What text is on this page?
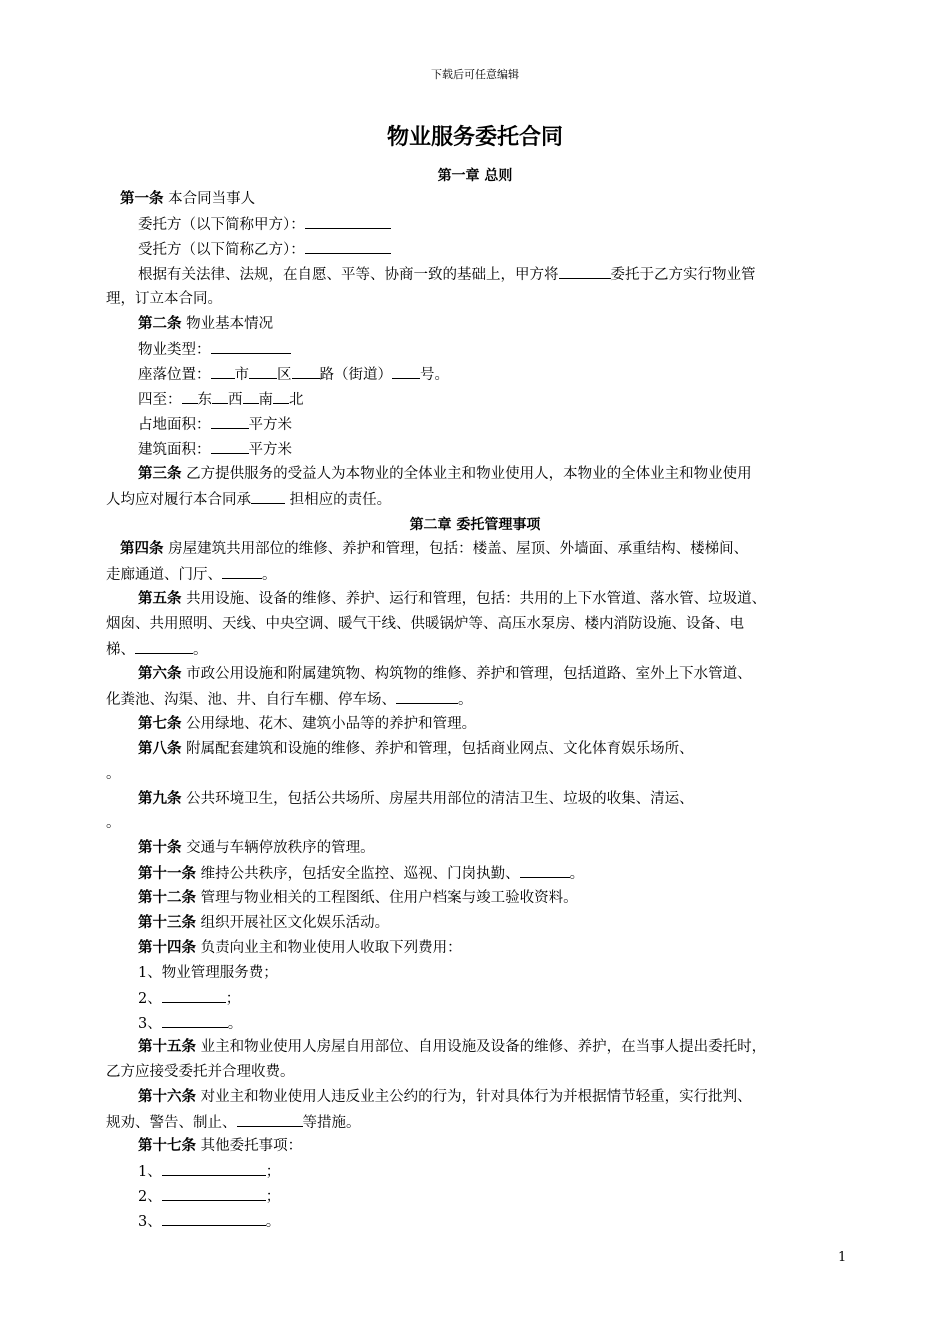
下载后可任意编辑
物业服务委托合同
第一章 总则
第一条 本合同当事人
委托方（以下简称甲方）：
受托方（以下简称乙方）：
根据有关法律、法规，在自愿、平等、协商一致的基础上，甲方将	委托于乙方实行物业管
理，订立本合同。
第二条 物业基本情况
物业类型：
座落位置： 市 区 路（街道） 号。
四至： 东 西 南 北
占地面积：	平方米
建筑面积：	平方米
第三条 乙方提供服务的受益人为本物业的全体业主和物业使用人，本物业的全体业主和物业使用
人均应对履行本合同承 担相应的责任。
第二章 委托管理事项
第四条 房屋建筑共用部位的维修、养护和管理，包括：楼盖、屋顶、外墙面、承重结构、楼梯间、
走廊通道、门厅、	。
第五条 共用设施、设备的维修、养护、运行和管理，包括：共用的上下水管道、落水管、垃圾道、
烟囱、共用照明、天线、中央空调、暖气干线、供暖锅炉等、高压水泵房、楼内消防设施、设备、电
梯、	。
第六条 市政公用设施和附属建筑物、构筑物的维修、养护和管理，包括道路、室外上下水管道、
化粪池、沟渠、池、井、自行车棚、停车场、	。
第七条 公用绿地、花木、建筑小品等的养护和管理。
第八条 附属配套建筑和设施的维修、养护和管理，包括商业网点、文化体育娱乐场所、
。
第九条 公共环境卫生，包括公共场所、房屋共用部位的清洁卫生、垃圾的收集、清运、
。
第十条 交通与车辆停放秩序的管理。
第十一条 维持公共秩序，包括安全监控、巡视、门岗执勤、	。
第十二条 管理与物业相关的工程图纸、住用户档案与竣工验收资料。
第十三条 组织开展社区文化娱乐活动。
第十四条 负责向业主和物业使用人收取下列费用：
1、物业管理服务费；
2、	；
3、	。
第十五条 业主和物业使用人房屋自用部位、自用设施及设备的维修、养护，在当事人提出委托时，
乙方应接受委托并合理收费。
第十六条 对业主和物业使用人违反业主公约的行为，针对具体行为并根据情节轻重，实行批判、
规劝、警告、制止、	等措施。
第十七条 其他委托事项：
1、	；
2、	；
3、	。
1
